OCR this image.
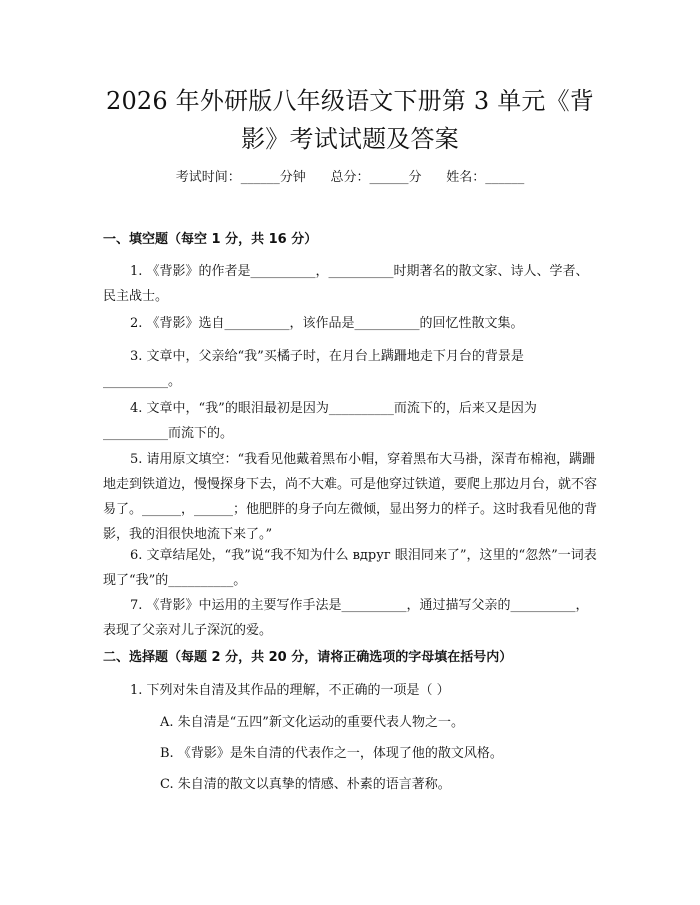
2026 年外研版八年级语文下册第 3 单元《背
影》考试试题及答案
考试时间：______分钟      总分：______分      姓名：______
一、填空题（每空 1 分，共 16 分）
1. 《背影》的作者是__________，__________时期著名的散文家、诗人、学者、民主战士。
2. 《背影》选自__________，该作品是__________的回忆性散文集。
3. 文章中，父亲给“我”买橘子时，在月台上蹒跚地走下月台的背景是__________。
4. 文章中，“我”的眼泪最初是因为__________而流下的，后来又是因为__________而流下的。
5. 请用原文填空：“我看见他戴着黑布小帽，穿着黑布大马褂，深青布棉袍，蹒跚地走到铁道边，慢慢探身下去，尚不大难。可是他穿过铁道，要爬上那边月台，就不容易了。______，______；他肥胖的身子向左微倾，显出努力的样子。这时我看见他的背影，我的泪很快地流下来了。”
6. 文章结尾处，“我”说“我不知为什么 вдруг 眼泪同来了”，这里的“忽然”一词表现了“我”的__________。
7. 《背影》中运用的主要写作手法是__________，通过描写父亲的__________，表现了父亲对儿子深沉的爱。
二、选择题（每题 2 分，共 20 分，请将正确选项的字母填在括号内）
1. 下列对朱自清及其作品的理解，不正确的一项是（ ）
A. 朱自清是“五四”新文化运动的重要代表人物之一。
B. 《背影》是朱自清的代表作之一，体现了他的散文风格。
C. 朱自清的散文以真挚的情感、朴素的语言著称。
